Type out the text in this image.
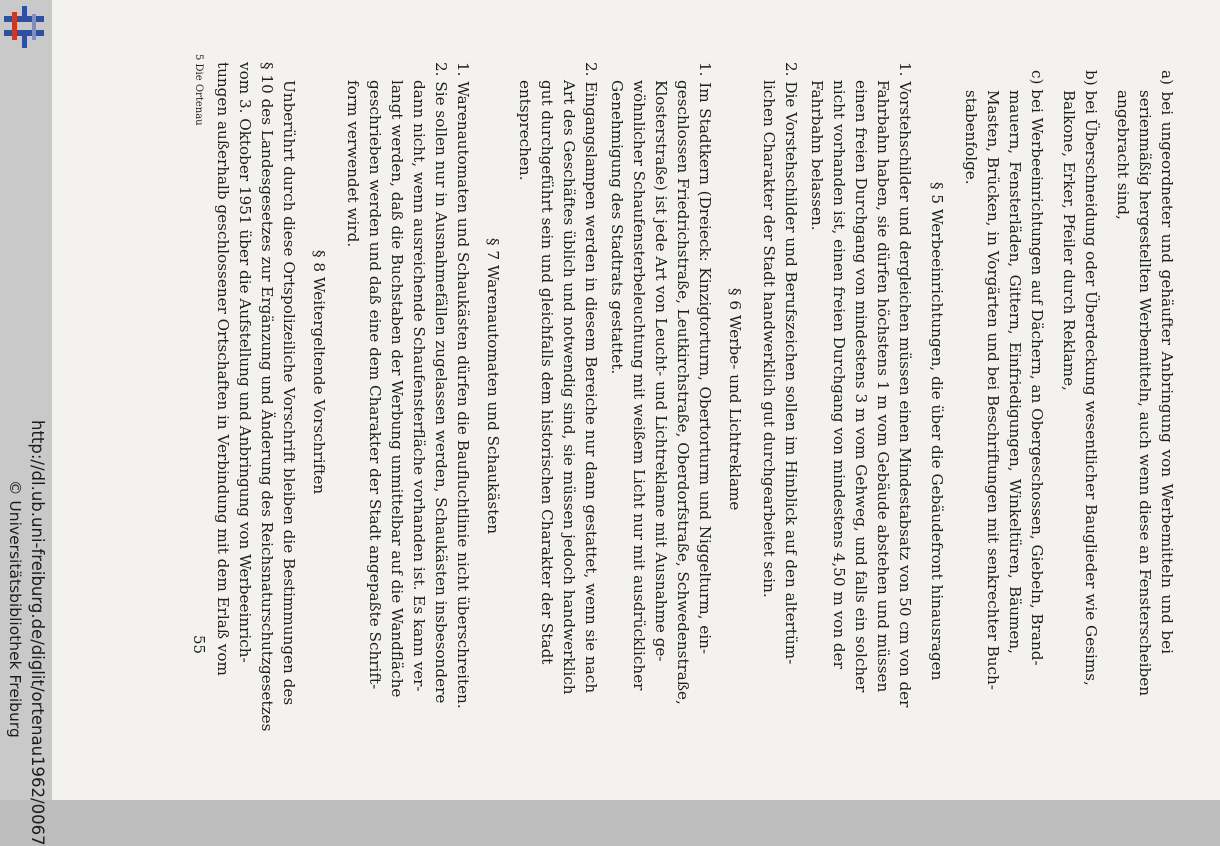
http://dl.ub.uni-freiburg.de/diglit/ortenau1962/0067
© Universitätsbibliothek Freiburg	a) bei ungeordneter und gehäufter Anbringung von Werbemitteln und bei
serienmäßig hergestellten Werbemitteln, auch wenn diese an Fensterscheiben
angebracht sind,
b) bei Überschneidung oder Überdeckung wesentlicher Bauglieder wie Gesims,
Balkone, Erker, Pfeiler durch Reklame,
c) bei Werbeeinrichtungen auf Dächern, an Obergeschossen, Giebeln, Brand-
mauern, Fensterläden, Gittern, Einfriedigungen, Winkeltüren, Bäumen,
Masten, Brücken, in Vorgärten und bei Beschriftungen mit senkrechter Buch-
stabenfolge.
§ 5 Werbeeinrichtungen, die über die Gebäudefront hinausragen
1. Vorstehschilder und dergleichen müssen einen Mindestabsatz von 50 cm von der
Fahrbahn haben, sie dürfen höchstens 1 m vom Gebäude abstehen und müssen
einen freien Durchgang von mindestens 3 m vom Gehweg, und falls ein solcher
nicht vorhanden ist, einen freien Durchgang von mindestens 4,50 m von der
Fahrbahn belassen.
2. Die Vorstehschilder und Berufszeichen sollen im Hinblick auf den altertüm-
lichen Charakter der Stadt handwerklich gut durchgearbeitet sein.
§ 6 Werbe- und Lichtreklame
1. Im Stadtkern (Dreieck: Kinzigtorturm, Obertorturm und Niggelturm, ein-
geschlossen Friedrichstraße, Leutkirchstraße, Oberdorfstraße, Schwedenstraße,
Klosterstraße) ist jede Art von Leucht- und Lichtreklame mit Ausnahme ge-
wöhnlicher Schaufensterbeleuchtung mit weißem Licht nur mit ausdrücklicher
Genehmigung des Stadtrats gestattet.
2. Eingangslampen werden in diesem Bereiche nur dann gestattet, wenn sie nach
Art des Geschäftes üblich und notwendig sind, sie müssen jedoch handwerklich
gut durchgeführt sein und gleichfalls dem historischen Charakter der Stadt
entsprechen.
§ 7 Warenautomaten und Schaukästen
1. Warenautomaten und Schaukästen dürfen die Baufluchtlinie nicht überschreiten.
2. Sie sollen nur in Ausnahmefällen zugelassen werden, Schaukästen insbesondere
dann nicht, wenn ausreichende Schaufensterfläche vorhanden ist. Es kann ver-
langt werden, daß die Buchstaben der Werbung unmittelbar auf die Wandfläche
geschrieben werden und daß eine dem Charakter der Stadt angepaßte Schrift-
form verwendet wird.
§ 8 Weitergeltende Vorschriften
Unberührt durch diese Ortspolizeiliche Vorschrift bleiben die Bestimmungen des
§ 10 des Landesgesetzes zur Ergänzung und Änderung des Reichsnaturschutzgesetzes
vom 3. Oktober 1951 über die Aufstellung und Anbringung von Werbeeinrich-
tungen außerhalb geschlossener Ortschaften in Verbindung mit dem Erlaß vom
5 Die Ortenau
55
